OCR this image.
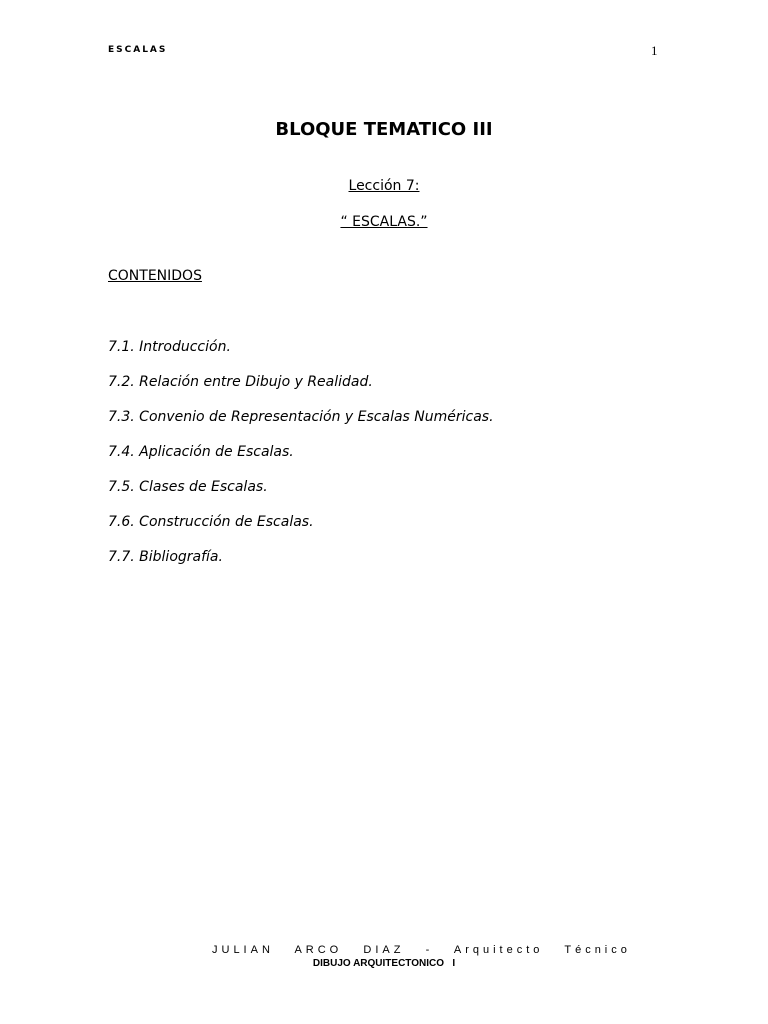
ESCALAS	1
BLOQUE TEMATICO III
Lección 7:
“ ESCALAS.”
CONTENIDOS
7.1. Introducción.
7.2. Relación entre Dibujo y Realidad.
7.3. Convenio de Representación y Escalas Numéricas.
7.4. Aplicación de Escalas.
7.5. Clases de Escalas.
7.6. Construcción de Escalas.
7.7. Bibliografía.
JULIAN   ARCO   DIAZ   -   Arquitecto   Técnico
DIBUJO ARQUITECTONICO   I
